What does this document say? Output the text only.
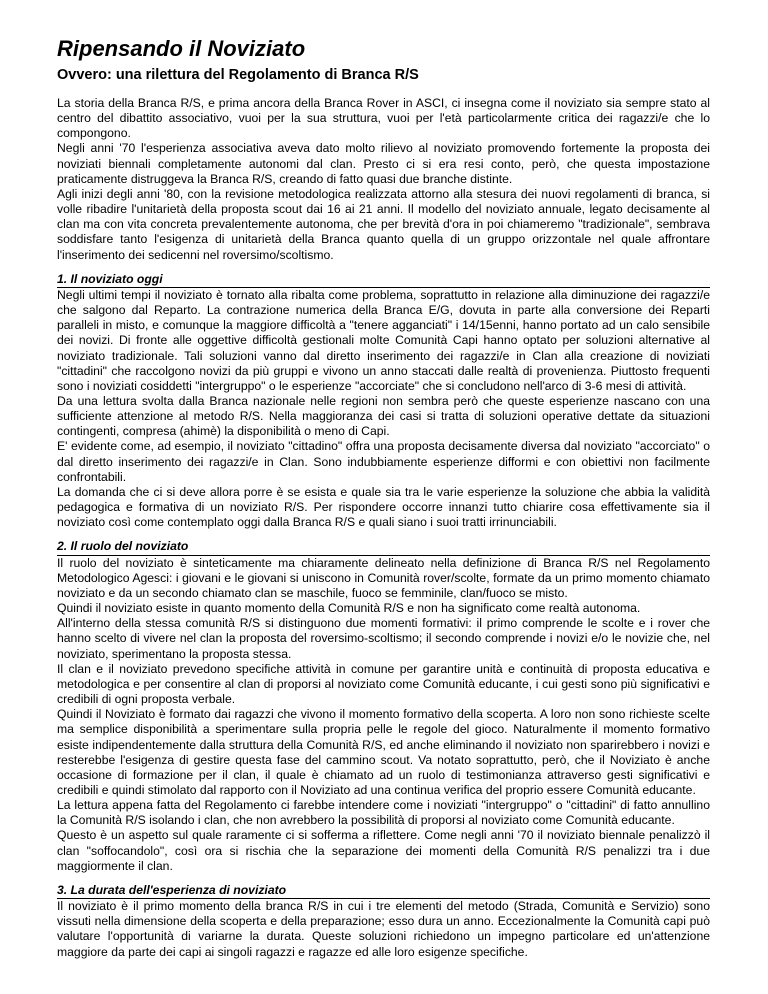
Ripensando il Noviziato
Ovvero: una rilettura del Regolamento di Branca R/S

La storia della Branca R/S, e prima ancora della Branca Rover in ASCI, ci insegna come il noviziato sia sempre stato al centro del dibattito associativo, vuoi per la sua struttura, vuoi per l'età particolarmente critica dei ragazzi/e che lo compongono.

Negli anni '70 l'esperienza associativa aveva dato molto rilievo al noviziato promovendo fortemente la proposta dei noviziati biennali completamente autonomi dal clan. Presto ci si era resi conto, però, che questa impostazione praticamente distruggeva la Branca R/S, creando di fatto quasi due branche distinte.

Agli inizi degli anni '80, con la revisione metodologica realizzata attorno alla stesura dei nuovi regolamenti di branca, si volle ribadire l'unitarietà della proposta scout dai 16 ai 21 anni. Il modello del noviziato annuale, legato decisamente al clan ma con vita concreta prevalentemente autonoma, che per brevità d'ora in poi chiameremo "tradizionale", sembrava soddisfare tanto l'esigenza di unitarietà della Branca quanto quella di un gruppo orizzontale nel quale affrontare l'inserimento dei sedicenni nel roversimo/scoltismo.

1. Il noviziato oggi

Negli ultimi tempi il noviziato è tornato alla ribalta come problema, soprattutto in relazione alla diminuzione dei ragazzi/e che salgono dal Reparto. La contrazione numerica della Branca E/G, dovuta in parte alla conversione dei Reparti paralleli in misto, e comunque la maggiore difficoltà a "tenere agganciati" i 14/15enni, hanno portato ad un calo sensibile dei novizi. Di fronte alle oggettive difficoltà gestionali molte Comunità Capi hanno optato per soluzioni alternative al noviziato tradizionale. Tali soluzioni vanno dal diretto inserimento dei ragazzi/e in Clan alla creazione di noviziati "cittadini" che raccolgono novizi da più gruppi e vivono un anno staccati dalle realtà di provenienza. Piuttosto frequenti sono i noviziati cosiddetti "intergruppo" o le esperienze "accorciate" che si concludono nell'arco di 3-6 mesi di attività.

Da una lettura svolta dalla Branca nazionale nelle regioni non sembra però che queste esperienze nascano con una sufficiente attenzione al metodo R/S. Nella maggioranza dei casi si tratta di soluzioni operative dettate da situazioni contingenti, compresa (ahimè) la disponibilità o meno di Capi.

E' evidente come, ad esempio, il noviziato "cittadino" offra una proposta decisamente diversa dal noviziato "accorciato" o dal diretto inserimento dei ragazzi/e in Clan. Sono indubbiamente esperienze difformi e con obiettivi non facilmente confrontabili.

La domanda che ci si deve allora porre è se esista e quale sia tra le varie esperienze la soluzione che abbia la validità pedagogica e formativa di un noviziato R/S. Per rispondere occorre innanzi tutto chiarire cosa effettivamente sia il noviziato così come contemplato oggi dalla Branca R/S e quali siano i suoi tratti irrinunciabili.

2. Il ruolo del noviziato

Il ruolo del noviziato è sinteticamente ma chiaramente delineato nella definizione di Branca R/S nel Regolamento Metodologico Agesci: i giovani e le giovani si uniscono in Comunità rover/scolte, formate da un primo momento chiamato noviziato e da un secondo chiamato clan se maschile, fuoco se femminile, clan/fuoco se misto.

Quindi il noviziato esiste in quanto momento della Comunità R/S e non ha significato come realtà autonoma.

All'interno della stessa comunità R/S si distinguono due momenti formativi: il primo comprende le scolte e i rover che hanno scelto di vivere nel clan la proposta del roversimo-scoltismo; il secondo comprende i novizi e/o le novizie che, nel noviziato, sperimentano la proposta stessa.

Il clan e il noviziato prevedono specifiche attività in comune per garantire unità e continuità di proposta educativa e metodologica e per consentire al clan di proporsi al noviziato come Comunità educante, i cui gesti sono più significativi e credibili di ogni proposta verbale.

Quindi il Noviziato è formato dai ragazzi che vivono il momento formativo della scoperta. A loro non sono richieste scelte ma semplice disponibilità a sperimentare sulla propria pelle le regole del gioco. Naturalmente il momento formativo esiste indipendentemente dalla struttura della Comunità R/S, ed anche eliminando il noviziato non sparirebbero i novizi e resterebbe l'esigenza di gestire questa fase del cammino scout. Va notato soprattutto, però, che il Noviziato è anche occasione di formazione per il clan, il quale è chiamato ad un ruolo di testimonianza attraverso gesti significativi e credibili e quindi stimolato dal rapporto con il Noviziato ad una continua verifica del proprio essere Comunità educante.

La lettura appena fatta del Regolamento ci farebbe intendere come i noviziati "intergruppo" o "cittadini" di fatto annullino la Comunità R/S isolando i clan, che non avrebbero la possibilità di proporsi al noviziato come Comunità educante.

Questo è un aspetto sul quale raramente ci si sofferma a riflettere. Come negli anni '70 il noviziato biennale penalizzò il clan "soffocandolo", così ora si rischia che la separazione dei momenti della Comunità R/S penalizzi tra i due maggiormente il clan.

3. La durata dell'esperienza di noviziato

Il noviziato è il primo momento della branca R/S in cui i tre elementi del metodo (Strada, Comunità e Servizio) sono vissuti nella dimensione della scoperta e della preparazione; esso dura un anno. Eccezionalmente la Comunità capi può valutare l'opportunità di variarne la durata. Queste soluzioni richiedono un impegno particolare ed un'attenzione maggiore da parte dei capi ai singoli ragazzi e ragazze ed alle loro esigenze specifiche.
